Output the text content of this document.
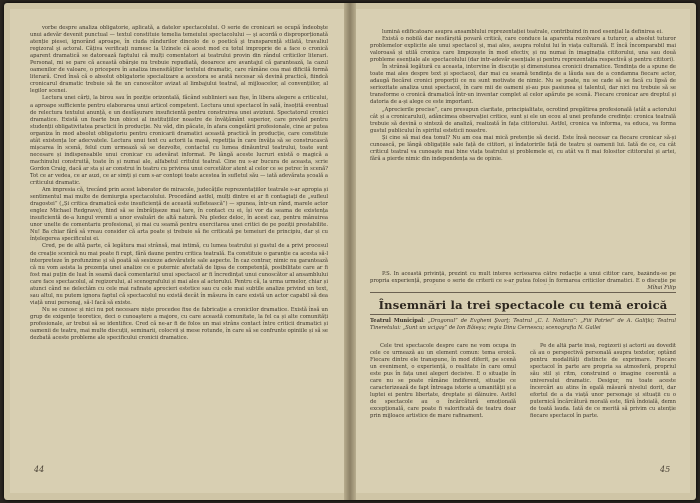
vorbe despre analiza obligatorie, aplicată, a datelor spectacolului. O serie de cronicari se ocupă îndeobşte unui adevăr devenit punctual — textul constituie temelia temeiului spectacolului — şi acordă o disproporționată atenție piesei, ignorând aproape, în ciuda răndurilor dincolo de o poetică şi transparență stilată, travaliul regizoral şi actoral. Cățiva verificați numesc la Uzinele că acest mod cu totul improprie de a face o cronică aparent dramatică se datorează faptului că mulți comentatori ai teatrului provin din rândul criticilor literari. Personal, mi se pare că această obârşie nu trebuie repudiată, deoarece are avantajul că garantează, la cazul oamenilor de valoare, o pricepere în analiza imensităților textului dramatic, care rămâne cea mai dificilă formă literară. Cred însă că o absolut obligatorie specializare a acestora se arată necesar să devină practică, fiindcă cronicarul dramatic trebuie să fie un cunoscător avizat al limbajului teatral, al mijloacelor, al convențiilor, al legilor scenei.

Lectura unei cărți, la birou sau în poziție orizontală, făcând sublinieri sau fișe, în libera alegere a criticului, a aproape sufficiente pentru elaborarea unui articol competent. Lectura unui spectacol în sală, însoțită eventual de relectura textului anunță, e un desfășurare insuficientă pentru construirea unei aviziuni. Spectatorul cronici dramatice. Există un foarte bun obicei al instituțiilor noastre de învățământ superior, care prevăd pentru studenții obligativitatea practicii în producție. Nu văd, din păcate, în afara congelării profesionale, cine ar putea organiza în mod absolut obligatoriu pentru cronicarii dramatici această practică în producție, care constituie atât existența lor adecvatele. Lectura unui text cu actorii la masă, repetiția în care învăța să se construcască mișcarea în scenă, felul cum urmează să se dezvolte, contactul cu lumea dinăuntrul teatrului, toate sunt necesare și indispensabile unui cronicar cu adevărat informat. Pe lângă aceste lucruri există o magică a machinului construită, toate în și numai ale, alfabetul critului teatral. Cine nu s-ar bucura de aceasta, scrie Gordon Craig, dacă ar sta și ar construi în teatru cu privirea unui cercetător atent al celor ce se petrec în scenă? Tot ce ar vedea, ce ar auzi, ce ar simți și cum s-ar contopi toate acestea în sufletul său — iată adevărata școală a criticului dramatic.

Am impresia că, trecând prin acest laborator de miracole, judecățile reprezentațiilor teatrale s-ar apropia și sentimentul mai multe de demiurgia spectacolului. Procedând astfel, mulți dintre ei ar fi contagiați de „sufleul dragostei” („Și critica dramatică este insuficiență de această sufletească”) — spunea, într-un rând, marele actor englez Michael Redgrave), fiind să se îmbrățișeze mai tare, în contact cu ei, își vor da seama de existența insuficientă de-a lungul vremii a unor evaluări de altă natură. Nu pledez deloc, în acest caz, pentru mânuirea unor unelte de comentariu profesional, și mai cu seamă pentru exercitarea unei critici de pe poziții prestabilite. Nu! Ba chiar fără să vreau consider că arta poate și trebuie să fie criticată pe temeiuri de principiu, dar și cu înțelegerea specificului ei.

Cred, pe de altă parte, că legătura mai strânsă, mai intimă, cu lumea teatrului și gustul de a privi procesul de creație scenică nu mai poate fi rupt, fără daune pentru critica teatrală. Ea constituie o garanție ca acesta să-l interpreteze în profunzime și să poată să sesizeze adevăratele sale aspecte. În caz contrar, nimic nu garantează că nu vom asista la prezența unei analize ce e puternic afectată de lipsa de competență, posibilitate care ar fi fost mai puțin de luat în seamă dacă comentariul unui spectacol ar fi încredințat unui cunoscător al ansamblului care face spectacolul, al regizorului, al scenografului și mai ales al actorului. Pentru că, la urma urmelor, chiar și atunci când ne delectăm cu cele mai rafinate aprecieri estetice sau cu cele mai subtile analize privind un text, sau altul, nu putem ignora faptul că spectacolul nu există decât în măsura în care există un actor capabil să dea viață unui personaj, să-l facă să existe.

Nu se cunosc și nici nu pot necesare niște procedee fixe de fabricație a cronicilor dramatice. Există însă un grup de exigențe teoretice, deci o cunoaștere a majore, cu care această comunitate, la fel ca și alte comunități profesionale, ar trebui să se identifice. Cred că ne-ar fi de folos un mai strâns contact între criticii dramatici și oamenii de teatru, mai multe discuții, seminarii, colocvii și mese rotunde, în care să se confrunte opiniile și să se dezbată aceste probleme ale specificului cronicii dramatice.

44

lumină edificatoare asupra ansamblului reprezentației teatrale, contribuind în mod esențial la definirea ei.

Există o nobilă dar nesfârșită povară critică, care conduce la aparenta rezolvare a tuturor, a absolut tuturor problemelor explicite ale unui spectacol și, mai ales, asupra rolului lui în viața culturală. E încă încomparabil mai valoroasă și utilă cronica care limpezește în mod efectiv, și nu numai în imaginația cititorului, una sau două probleme esențiale ale spectacolului (dar intr-adevăr esențiale și pentru reprezentația respectivă și pentru cititori).

În strânsă legătură cu aceasta, intervine în discuție și dimensiunea cronicii dramatice. Tendința de a spune de toate mai ales despre text și spectacol, dar mai cu seamă tendința de a lăuda sau de a condamna fiecare actor, adaugă fiecărei cronici proporții ce nu sunt motivate de nimic. Nu se poate, nu se cade să se facă cu lipsă de seriozitate analiza unui spectacol, în care mii de oameni și-au pus pasiunea și talentul, dar nici nu trebuie să se transforme o cronică dramatică într-un inventar complet al celor apărute pe scenă. Fiecare cronicar are dreptul și datoria de a-și alege ce este important.

„Aprecierile precise”, care presupun claritate, principialitate, ocrotind pregătirea profesională (atât a actorului cât și a cronicarului), adâncimea observației critice, sunt și ele un ecou al unei profunde credințe: cronica teatrală trebuie să devină o sinteză de analiză, realizată în fața cititorului. Astfel, cronica va informa, va educa, va forma gustul publicului în spiritul esteticii noastre.

Și cine să mai dea tonul? Nu am cea mai mică pretenție să decid. Este însă necesar ca fiecare cronicar să-și cunoască, pe lângă obligațiile sale față de cititori, și îndatoririle față de teatru și oamenii lui. Iată de ce, cu cât criticul teatral va cunoaște mai bine viața teatrului și problemele ei, cu atât va fi mai folositor cititorului și artei, fără a pierde nimic din independența sa de opinie.

P.S. În această privință, prezint cu mult interes scrisoarea către redacție a unui cititor care, bazându-se pe propria experiență, propune o serie de criterii ce s-ar putea folosi în formarea criticilor dramatici. E o discuție pe
Mihai Filip
Însemnări la trei spectacole cu temă eroică
Teatrul Municipal: „Dragonul” de Evgheni Şvarţ; Teatrul „C. I. Nottara”: „Fiii Patriei” de A. Galiţki; Teatrul Tineretului: „Sunt un ucigaş” de Ion Băieşu; regia Dinu Cernescu; scenografia N. Gallei

Cele trei spectacole despre care ne vom ocupa în cele ce urmează au un element comun: tema eroică. Fiecare dintre ele transpune, în mod diferit, pe scenă un eveniment, o experiență, o realitate în care omul este pus în fața unei alegeri decisive. E o situație în care nu se poate rămâne indiferent, situație ce caracterizează de fapt întreaga istorie a umanității și a luptei ei pentru libertate, dreptate și dăinuire. Astfel de spectacole au o încărcătură emoțională excepțională, care poate fi valorificată de teatru doar prin mijloace artistice de mare rafinament.

Pe de altă parte însă, regizorii și actorii au dovedit că au o perspectivă personală asupra textelor, optând pentru modalități distincte de exprimare. Fiecare spectacol în parte are propria sa atmosferă, propriul său stil și ritm, construind o imagine coerentă a universului dramatic. Desigur, nu toate aceste încercări au atins în egală măsură nivelul dorit, dar efortul de a da viață unor personaje și situații cu o puternică încărcătură morală este, fără îndoială, demn de toată lauda. Iată de ce merită să privim cu atenție fiecare spectacol în parte.

45
